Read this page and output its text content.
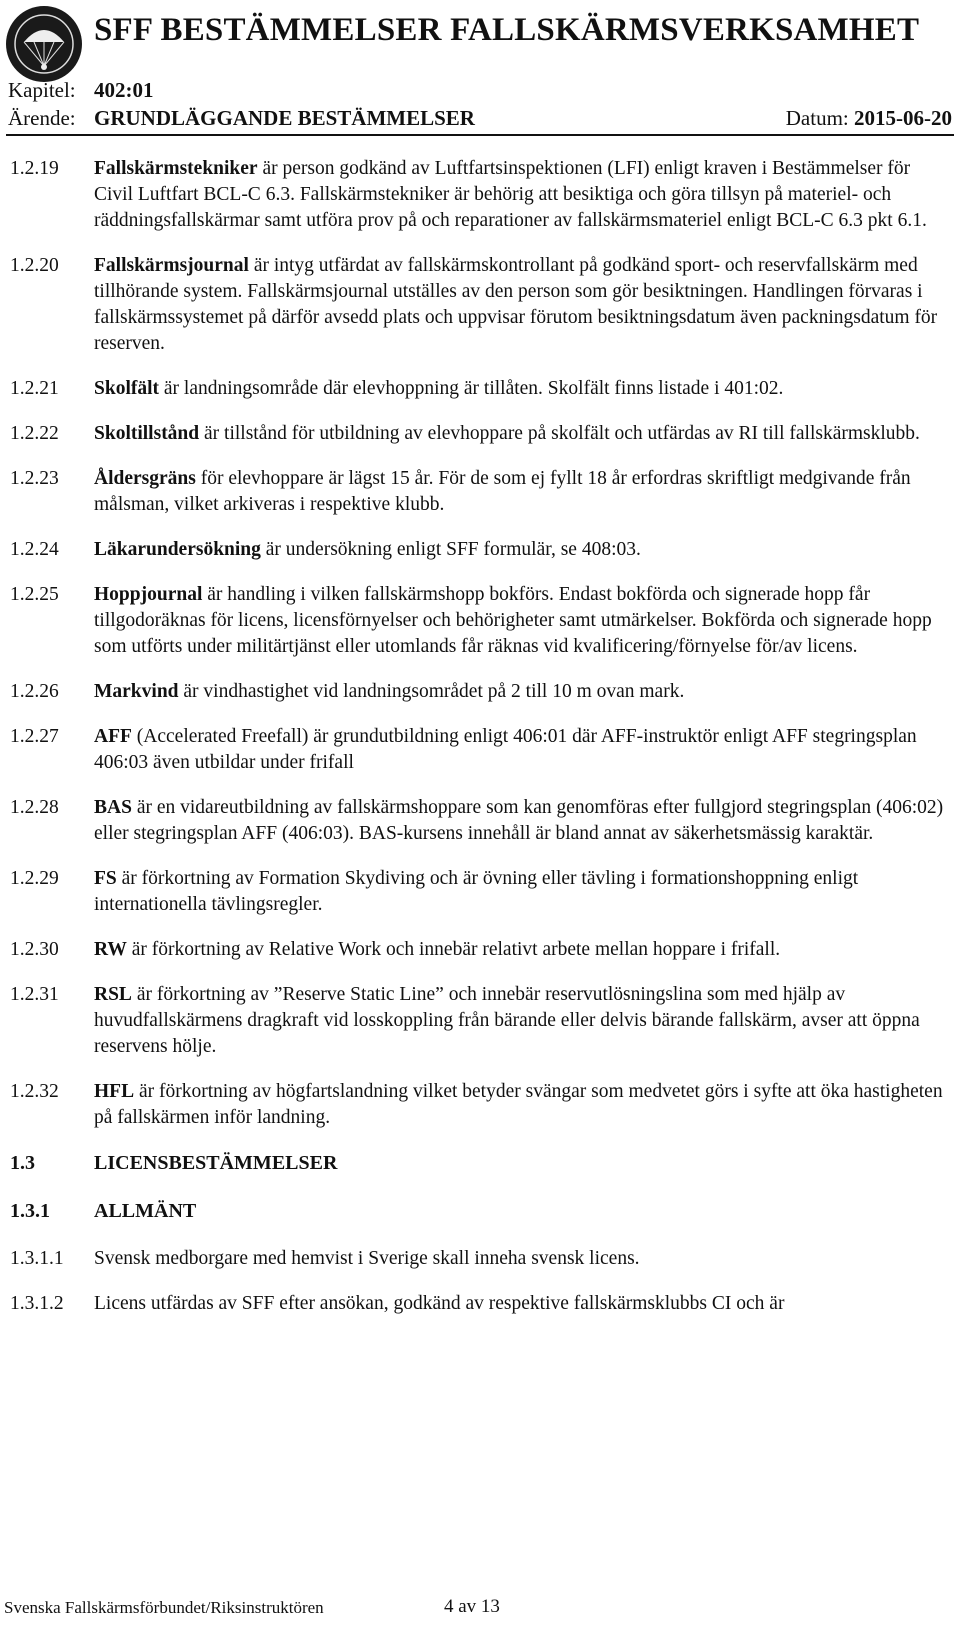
SFF BESTÄMMELSER FALLSKÄRMSVERKSAMHET
Kapitel: 402:01
Ärende: GRUNDLÄGGANDE BESTÄMMELSER	Datum: 2015-06-20
1.2.19 Fallskärmstekniker är person godkänd av Luftfartsinspektionen (LFI) enligt kraven i Bestämmelser för Civil Luftfart BCL-C 6.3. Fallskärmstekniker är behörig att besiktiga och göra tillsyn på materiel- och räddningsfallskärmar samt utföra prov på och reparationer av fallskärmsmateriel enligt BCL-C 6.3 pkt 6.1.
1.2.20 Fallskärmsjournal är intyg utfärdat av fallskärmskontrollant på godkänd sport- och reservfallskärm med tillhörande system. Fallskärmsjournal utställes av den person som gör besiktningen. Handlingen förvaras i fallskärmssystemet på därför avsedd plats och uppvisar förutom besiktningsdatum även packningsdatum för reserven.
1.2.21 Skolfält är landningsområde där elevhoppning är tillåten. Skolfält finns listade i 401:02.
1.2.22 Skoltillstånd är tillstånd för utbildning av elevhoppare på skolfält och utfärdas av RI till fallskärmsklubb.
1.2.23 Åldersgräns för elevhoppare är lägst 15 år. För de som ej fyllt 18 år erfordras skriftligt medgivande från målsman, vilket arkiveras i respektive klubb.
1.2.24 Läkarundersökning är undersökning enligt SFF formulär, se 408:03.
1.2.25 Hoppjournal är handling i vilken fallskärmshopp bokförs. Endast bokförda och signerade hopp får tillgodoräknas för licens, licensförnyelser och behörigheter samt utmärkelser. Bokförda och signerade hopp som utförts under militärtjänst eller utomlands får räknas vid kvalificering/förnyelse för/av licens.
1.2.26 Markvind är vindhastighet vid landningsområdet på 2 till 10 m ovan mark.
1.2.27 AFF (Accelerated Freefall) är grundutbildning enligt 406:01 där AFF-instruktör enligt AFF stegringsplan 406:03 även utbildar under frifall
1.2.28 BAS är en vidareutbildning av fallskärmshoppare som kan genomföras efter fullgjord stegringsplan (406:02) eller stegringsplan AFF (406:03). BAS-kursens innehåll är bland annat av säkerhetsmässig karaktär.
1.2.29 FS är förkortning av Formation Skydiving och är övning eller tävling i formationshoppning enligt internationella tävlingsregler.
1.2.30 RW är förkortning av Relative Work och innebär relativt arbete mellan hoppare i frifall.
1.2.31 RSL är förkortning av ”Reserve Static Line” och innebär reservutlösningslina som med hjälp av huvudfallskärmens dragkraft vid losskoppling från bärande eller delvis bärande fallskärm, avser att öppna reservens hölje.
1.2.32 HFL är förkortning av högfartslandning vilket betyder svängar som medvetet görs i syfte att öka hastigheten på fallskärmen inför landning.
1.3	LICENSBESTÄMMELSER
1.3.1 ALLMÄNT
1.3.1.1 Svensk medborgare med hemvist i Sverige skall inneha svensk licens.
1.3.1.2 Licens utfärdas av SFF efter ansökan, godkänd av respektive fallskärmsklubbs CI och är
Svenska Fallskärmsförbundet/Riksinstruktören	4 av 13
